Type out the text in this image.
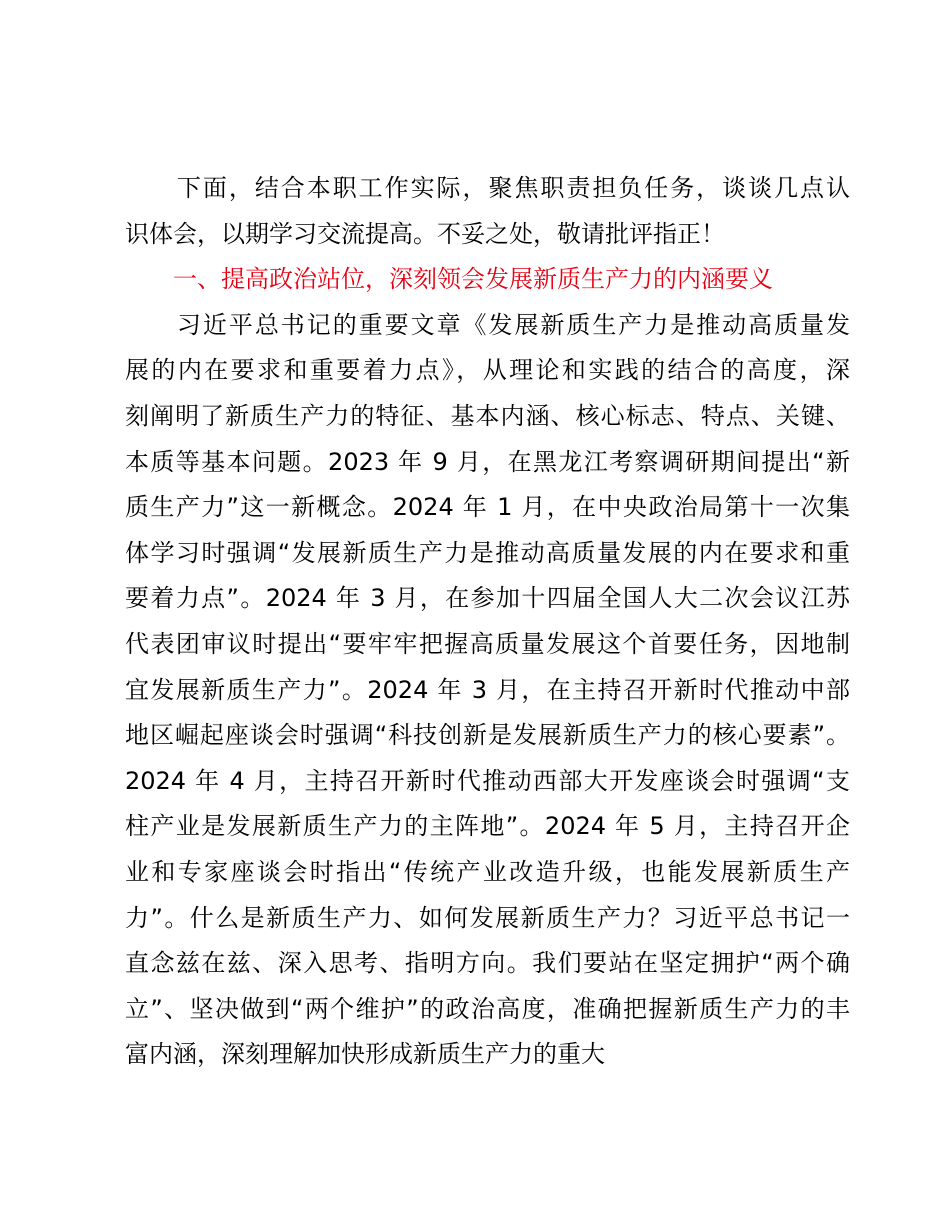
　　下面，结合本职工作实际，聚焦职责担负任务，谈谈几点认
识体会，以期学习交流提高。不妥之处，敬请批评指正！
　　一、提高政治站位，深刻领会发展新质生产力的内涵要义
　　习近平总书记的重要文章《发展新质生产力是推动高质量发
展的内在要求和重要着力点》，从理论和实践的结合的高度，深
刻阐明了新质生产力的特征、基本内涵、核心标志、特点、关键、
本质等基本问题。2023 年 9 月，在黑龙江考察调研期间提出“新
质生产力”这一新概念。2024 年 1 月，在中央政治局第十一次集
体学习时强调“发展新质生产力是推动高质量发展的内在要求和重
要着力点”。2024 年 3 月，在参加十四届全国人大二次会议江苏
代表团审议时提出“要牢牢把握高质量发展这个首要任务，因地制
宜发展新质生产力”。2024 年 3 月，在主持召开新时代推动中部
地区崛起座谈会时强调“科技创新是发展新质生产力的核心要素”。
2024 年 4 月，主持召开新时代推动西部大开发座谈会时强调“支
柱产业是发展新质生产力的主阵地”。2024 年 5 月，主持召开企
业和专家座谈会时指出“传统产业改造升级，也能发展新质生产
力”。什么是新质生产力、如何发展新质生产力？习近平总书记一
直念兹在兹、深入思考、指明方向。我们要站在坚定拥护“两个确
立”、坚决做到“两个维护”的政治高度，准确把握新质生产力的丰
富内涵，深刻理解加快形成新质生产力的重大
